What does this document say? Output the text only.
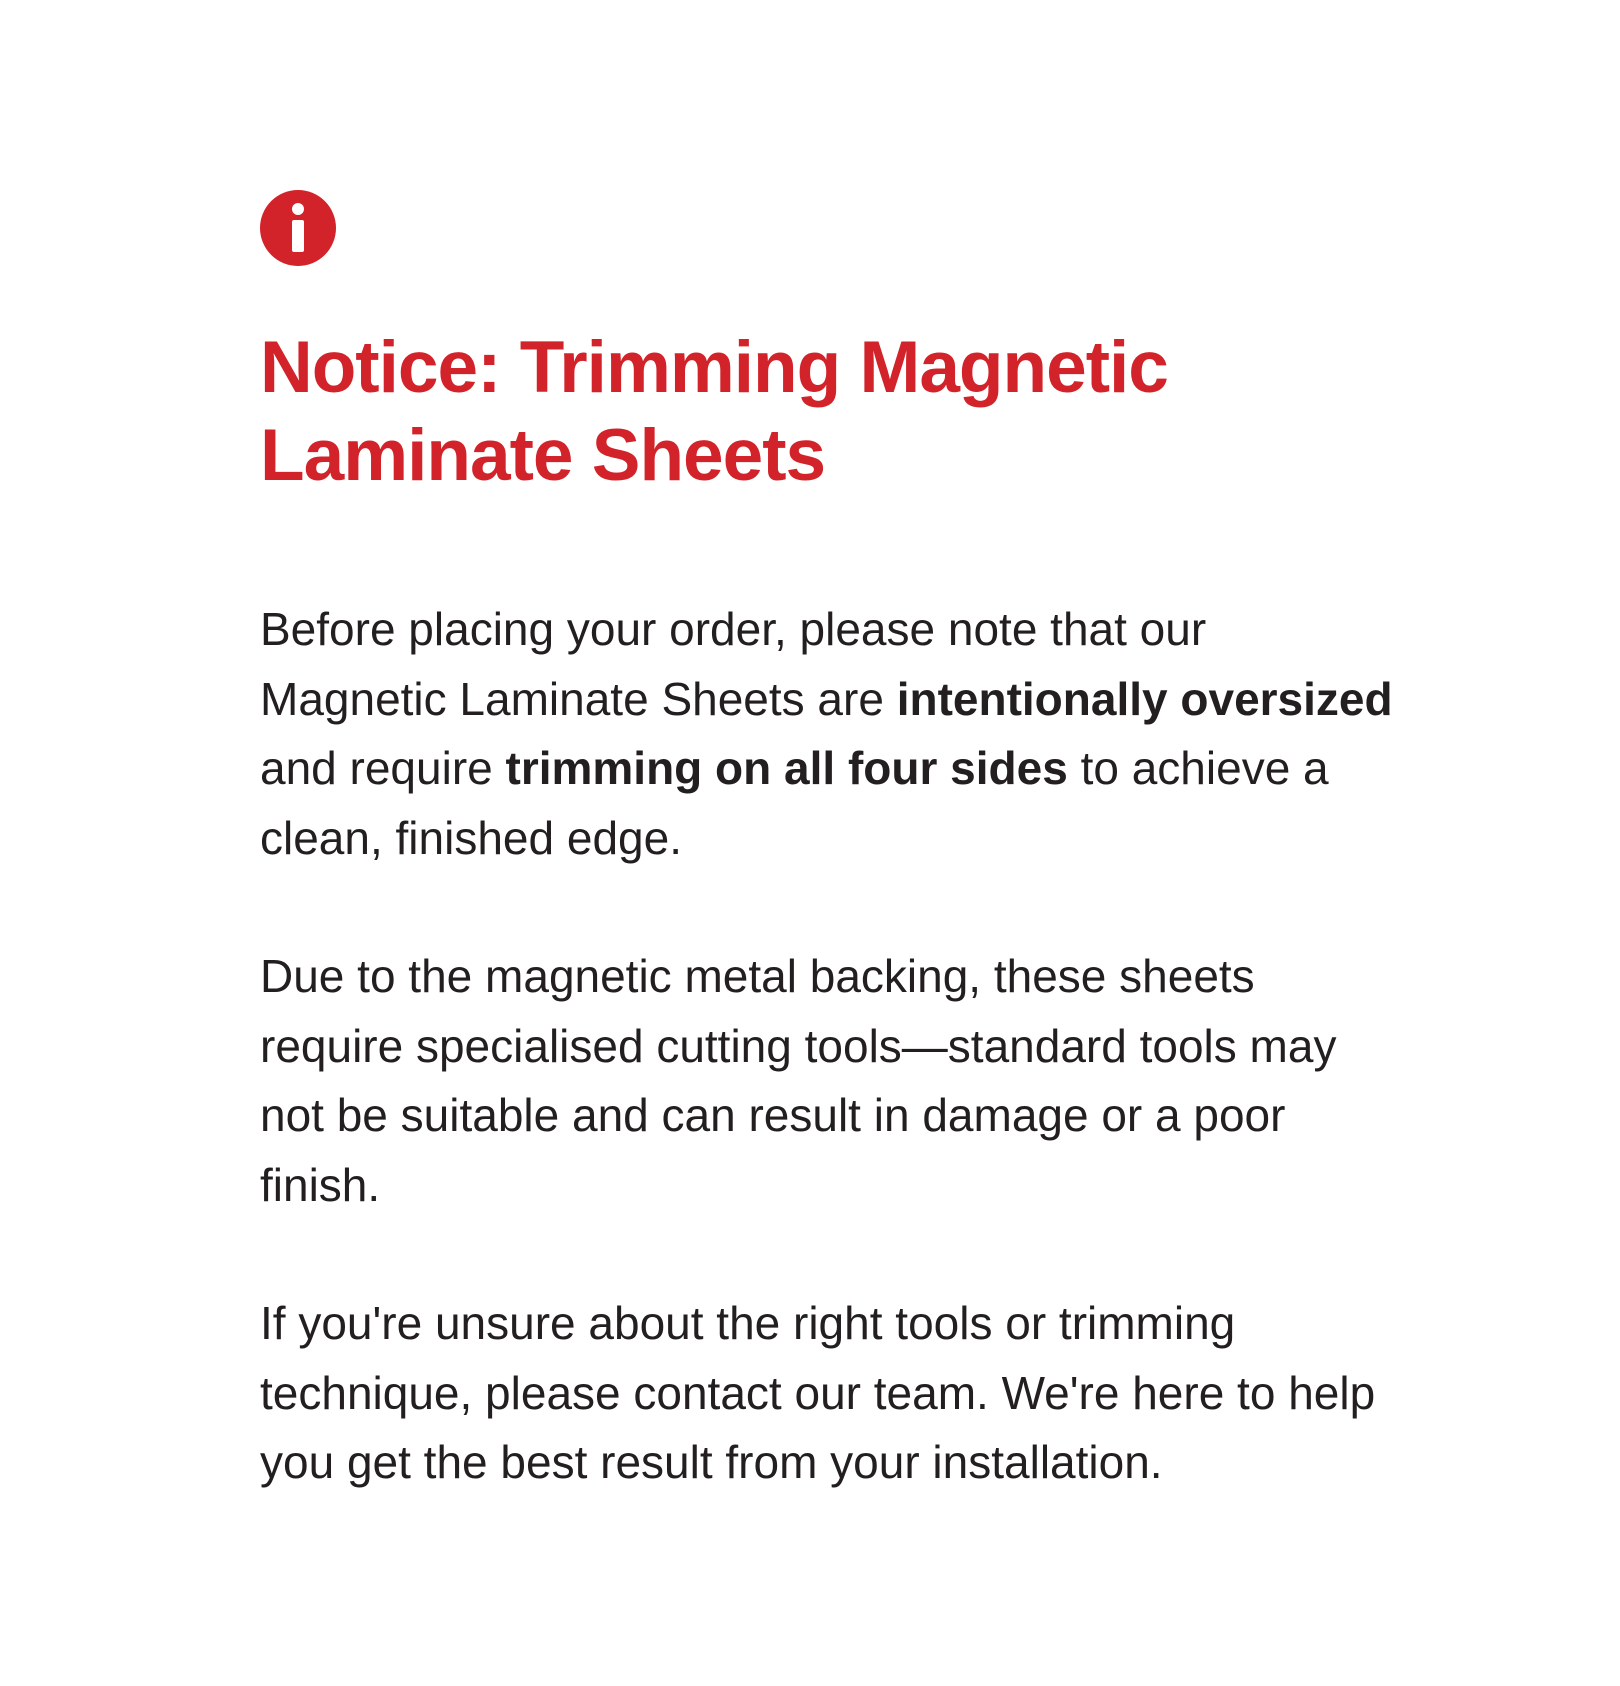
Notice: Trimming Magnetic
Laminate Sheets

Before placing your order, please note that our Magnetic Laminate Sheets are intentionally oversized and require trimming on all four sides to achieve a clean, finished edge.

Due to the magnetic metal backing, these sheets require specialised cutting tools—standard tools may not be suitable and can result in damage or a poor finish.

If you're unsure about the right tools or trimming technique, please contact our team. We're here to help you get the best result from your installation.
